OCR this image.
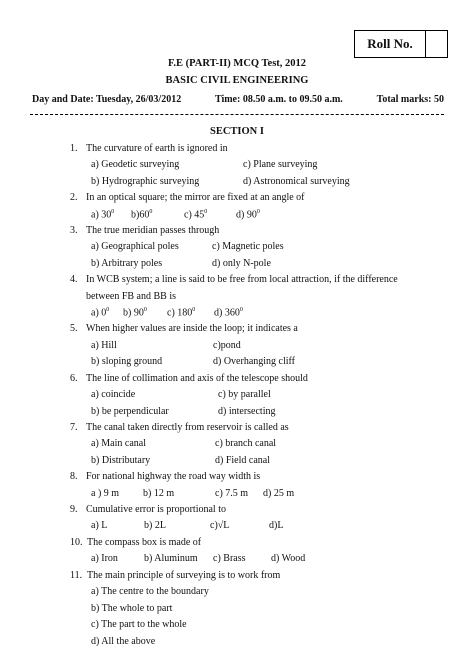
Roll No.
F.E (PART-II) MCQ Test, 2012
BASIC CIVIL ENGINEERING
Day and Date: Tuesday, 26/03/2012	Time: 08.50 a.m. to 09.50 a.m.	Total marks: 50
SECTION I
1. The curvature of earth is ignored in
a) Geodetic surveying	c) Plane surveying
b) Hydrographic surveying	d) Astronomical surveying
2. In an optical square; the mirror are fixed at an angle of
a) $30^0$ $b)60^0$	c) $45^0$	d) $90^0$
3. The true meridian passes through
a) Geographical poles	c) Magnetic poles
b) Arbitrary poles	d) only N-pole
4. In WCB system; a line is said to be free from local attraction, if the difference
between FB and BB is
a) $0^0$ b) $90^0$ c) $180^0$ d) $360^0$
5. When higher values are inside the loop; it indicates a
a) Hill	c)pond
b) sloping ground	d) Overhanging cliff
6. The line of collimation and axis of the telescope should
a) coincide	c) by parallel
b) be perpendicular	d) intersecting
7. The canal taken directly from reservoir is called as
a) Main canal	c) branch canal
b) Distributary	d) Field canal
8. For national highway the road way width is
a ) 9 m b) 12 m	c) 7.5 m d) 25 m
9. Cumulative error is proportional to
a) L	b) 2L	c)√L	d)L
10. The compass box is made of
a) Iron	b) Aluminum c) Brass	d) Wood
11. The main principle of surveying is to work from
a) The centre to the boundary
b) The whole to part
c) The part to the whole
d) All the above
